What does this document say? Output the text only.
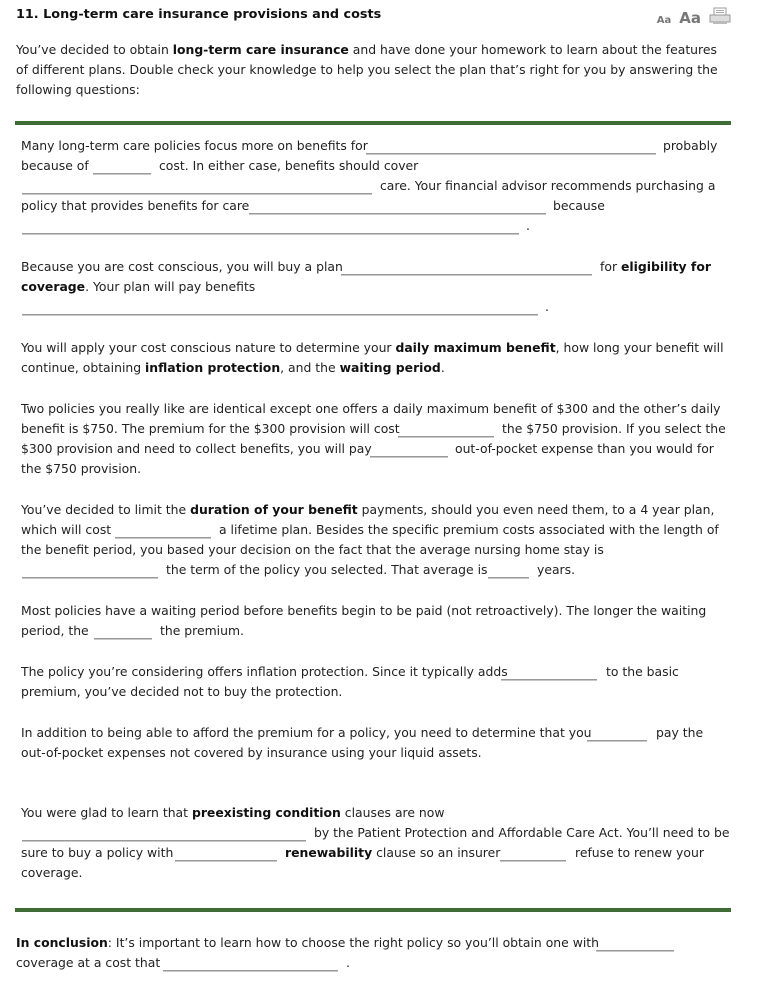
11. Long-term care insurance provisions and costs	Aa Aa
You’ve decided to obtain long-term care insurance and have done your homework to learn about the features of different plans. Double check your knowledge to help you select the plan that’s right for you by answering the following questions:
Many long-term care policies focus more on benefits for	probably
because of	cost. In either case, benefits should cover
care. Your financial advisor recommends purchasing a
policy that provides benefits for care	because
.
Because you are cost conscious, you will buy a plan	for eligibility for
coverage. Your plan will pay benefits
.
You will apply your cost conscious nature to determine your daily maximum benefit, how long your benefit will
continue, obtaining inflation protection, and the waiting period.
Two policies you really like are identical except one offers a daily maximum benefit of $300 and the other’s daily
benefit is $750. The premium for the $300 provision will cost	the $750 provision. If you select the
$300 provision and need to collect benefits, you will pay	out-of-pocket expense than you would for
the $750 provision.
You’ve decided to limit the duration of your benefit payments, should you even need them, to a 4 year plan,
which will cost	a lifetime plan. Besides the specific premium costs associated with the length of
the benefit period, you based your decision on the fact that the average nursing home stay is
the term of the policy you selected. That average is	years.
Most policies have a waiting period before benefits begin to be paid (not retroactively). The longer the waiting
period, the	the premium.
The policy you’re considering offers inflation protection. Since it typically adds	to the basic
premium, you’ve decided not to buy the protection.
In addition to being able to afford the premium for a policy, you need to determine that you	pay the
out-of-pocket expenses not covered by insurance using your liquid assets.
You were glad to learn that preexisting condition clauses are now
by the Patient Protection and Affordable Care Act. You’ll need to be
sure to buy a policy with	renewability clause so an insurer	refuse to renew your
coverage.
In conclusion: It’s important to learn how to choose the right policy so you’ll obtain one with
coverage at a cost that	.
